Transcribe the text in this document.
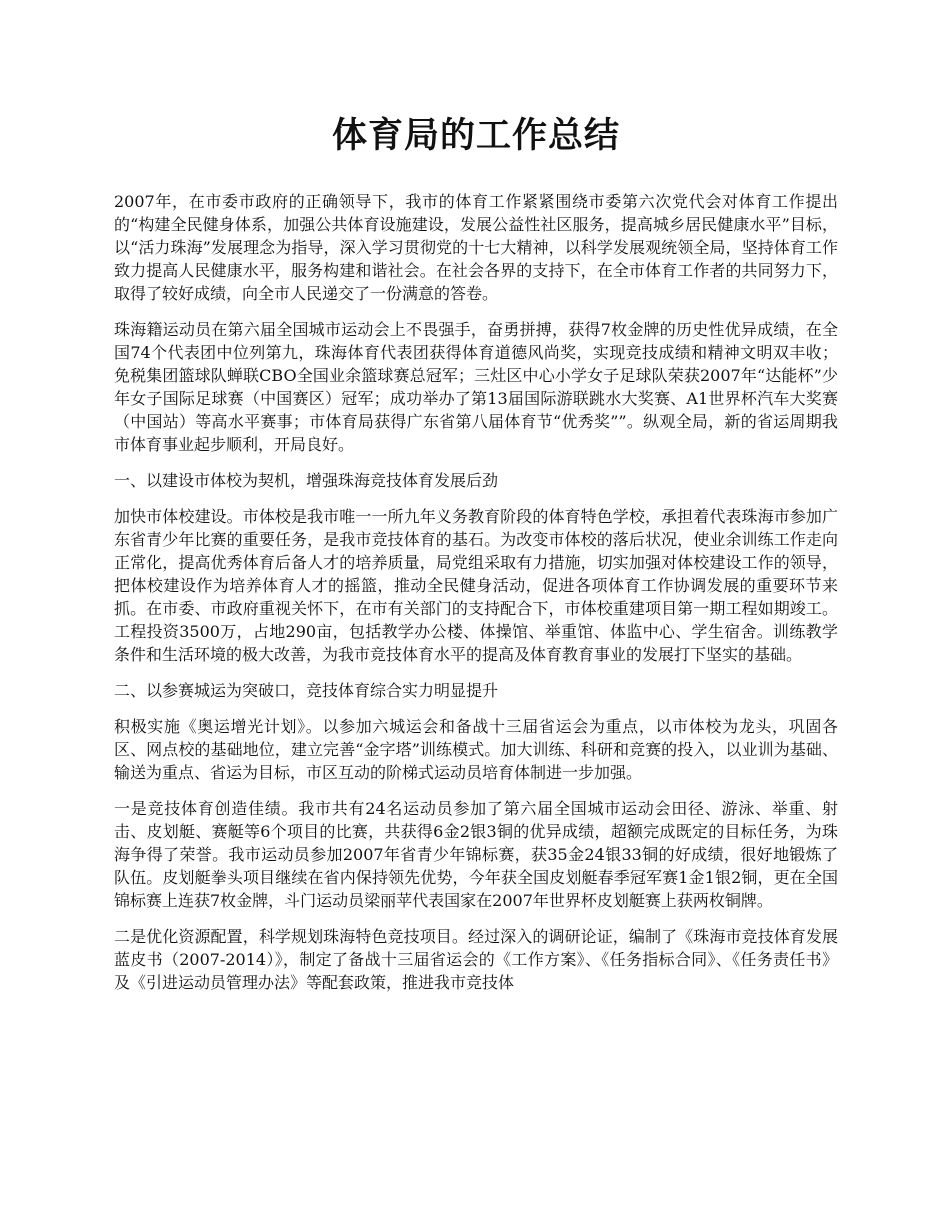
体育局的工作总结

2007年，在市委市政府的正确领导下，我市的体育工作紧紧围绕市委第六次党代会对体育工作提出的“构建全民健身体系，加强公共体育设施建设，发展公益性社区服务，提高城乡居民健康水平”目标，以“活力珠海”发展理念为指导，深入学习贯彻党的十七大精神，以科学发展观统领全局，坚持体育工作致力提高人民健康水平，服务构建和谐社会。在社会各界的支持下，在全市体育工作者的共同努力下，取得了较好成绩，向全市人民递交了一份满意的答卷。

珠海籍运动员在第六届全国城市运动会上不畏强手，奋勇拼搏，获得7枚金牌的历史性优异成绩，在全国74个代表团中位列第九，珠海体育代表团获得体育道德风尚奖，实现竞技成绩和精神文明双丰收；免税集团篮球队蝉联CBO全国业余篮球赛总冠军；三灶区中心小学女子足球队荣获2007年“达能杯”少年女子国际足球赛（中国赛区）冠军；成功举办了第13届国际游联跳水大奖赛、A1世界杯汽车大奖赛（中国站）等高水平赛事；市体育局获得广东省第八届体育节“优秀奖””。纵观全局，新的省运周期我市体育事业起步顺利，开局良好。

一、以建设市体校为契机，增强珠海竞技体育发展后劲

加快市体校建设。市体校是我市唯一一所九年义务教育阶段的体育特色学校，承担着代表珠海市参加广东省青少年比赛的重要任务，是我市竞技体育的基石。为改变市体校的落后状况，使业余训练工作走向正常化，提高优秀体育后备人才的培养质量，局党组采取有力措施，切实加强对体校建设工作的领导，把体校建设作为培养体育人才的摇篮，推动全民健身活动，促进各项体育工作协调发展的重要环节来抓。在市委、市政府重视关怀下，在市有关部门的支持配合下，市体校重建项目第一期工程如期竣工。工程投资3500万，占地290亩，包括教学办公楼、体操馆、举重馆、体监中心、学生宿舍。训练教学条件和生活环境的极大改善，为我市竞技体育水平的提高及体育教育事业的发展打下坚实的基础。

二、以参赛城运为突破口，竞技体育综合实力明显提升

积极实施《奥运增光计划》。以参加六城运会和备战十三届省运会为重点，以市体校为龙头，巩固各区、网点校的基础地位，建立完善“金字塔”训练模式。加大训练、科研和竞赛的投入，以业训为基础、输送为重点、省运为目标，市区互动的阶梯式运动员培育体制进一步加强。

一是竞技体育创造佳绩。我市共有24名运动员参加了第六届全国城市运动会田径、游泳、举重、射击、皮划艇、赛艇等6个项目的比赛，共获得6金2银3铜的优异成绩，超额完成既定的目标任务，为珠海争得了荣誉。我市运动员参加2007年省青少年锦标赛，获35金24银33铜的好成绩，很好地锻炼了队伍。皮划艇拳头项目继续在省内保持领先优势，今年获全国皮划艇春季冠军赛1金1银2铜，更在全国锦标赛上连获7枚金牌，斗门运动员梁丽苹代表国家在2007年世界杯皮划艇赛上获两枚铜牌。

二是优化资源配置，科学规划珠海特色竞技项目。经过深入的调研论证，编制了《珠海市竞技体育发展蓝皮书（2007-2014）》，制定了备战十三届省运会的《工作方案》、《任务指标合同》、《任务责任书》及《引进运动员管理办法》等配套政策，推进我市竞技体
